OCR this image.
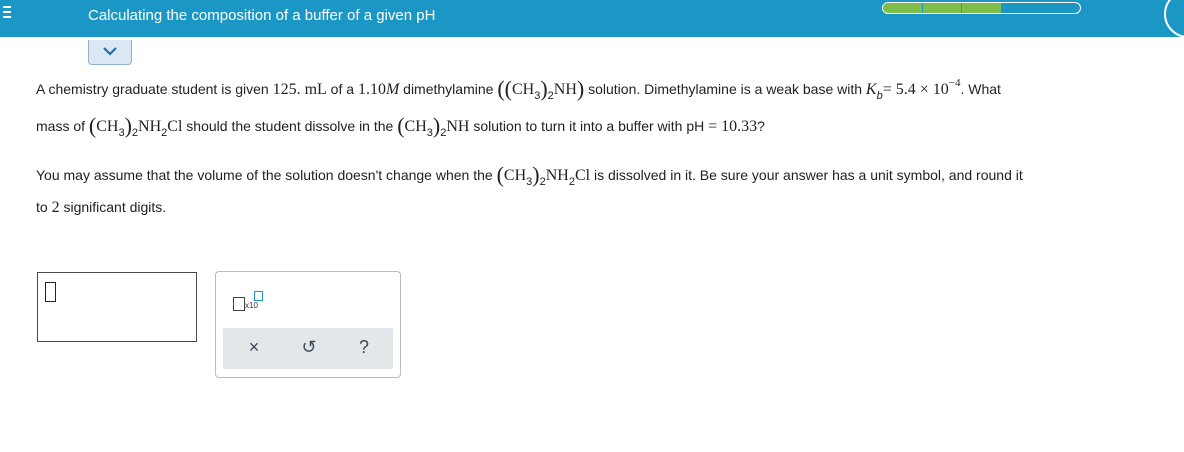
Calculating the composition of a buffer of a given pH
A chemistry graduate student is given 125. mL of a 1.10M dimethylamine $((CH_3)_2NH)$ solution. Dimethylamine is a weak base with $K_b= 5.4 \times 10^{-4}$. What
mass of $(CH_3)_2NH_2Cl$ should the student dissolve in the $(CH_3)_2NH$ solution to turn it into a buffer with pH = 10.33?
You may assume that the volume of the solution doesn't change when the $(CH_3)_2NH_2Cl$ is dissolved in it. Be sure your answer has a unit symbol, and round it
to 2 significant digits.
x10
×	↺	?
